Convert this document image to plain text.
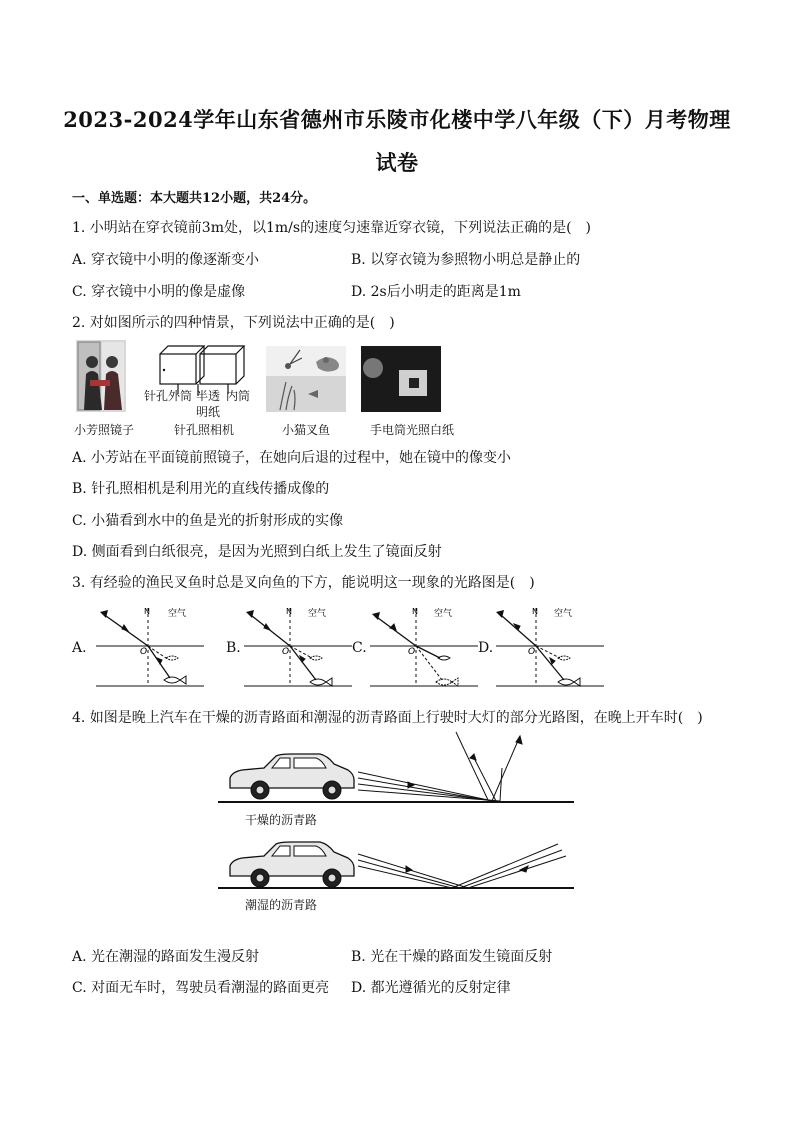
2023-2024学年山东省德州市乐陵市化楼中学八年级（下）月考物理
试卷
一、单选题：本大题共12小题，共24分。
1. 小明站在穿衣镜前3m处，以1m/s的速度匀速靠近穿衣镜，下列说法正确的是(　)
A. 穿衣镜中小明的像逐渐变小	B. 以穿衣镜为参照物小明总是静止的
C. 穿衣镜中小明的像是虚像	D. 2s后小明走的距离是1m
2. 对如图所示的四种情景，下列说法中正确的是(　)
小芳照镜子
针孔外筒 半透
明纸
内筒
针孔照相机	小猫叉鱼	手电筒光照白纸
A. 小芳站在平面镜前照镜子，在她向后退的过程中，她在镜中的像变小
B. 针孔照相机是利用光的直线传播成像的
C. 小猫看到水中的鱼是光的折射形成的实像
D. 侧面看到白纸很亮，是因为光照到白纸上发生了镜面反射
3. 有经验的渔民叉鱼时总是叉向鱼的下方，能说明这一现象的光路图是(　)
A.	B.	C.	D.
N 空气
O
N 空气
O
N 空气
O
N 空气
O
4. 如图是晚上汽车在干燥的沥青路面和潮湿的沥青路面上行驶时大灯的部分光路图，在晚上开车时(　)
干燥的沥青路
潮湿的沥青路
A. 光在潮湿的路面发生漫反射	B. 光在干燥的路面发生镜面反射
C. 对面无车时，驾驶员看潮湿的路面更亮 D. 都光遵循光的反射定律
